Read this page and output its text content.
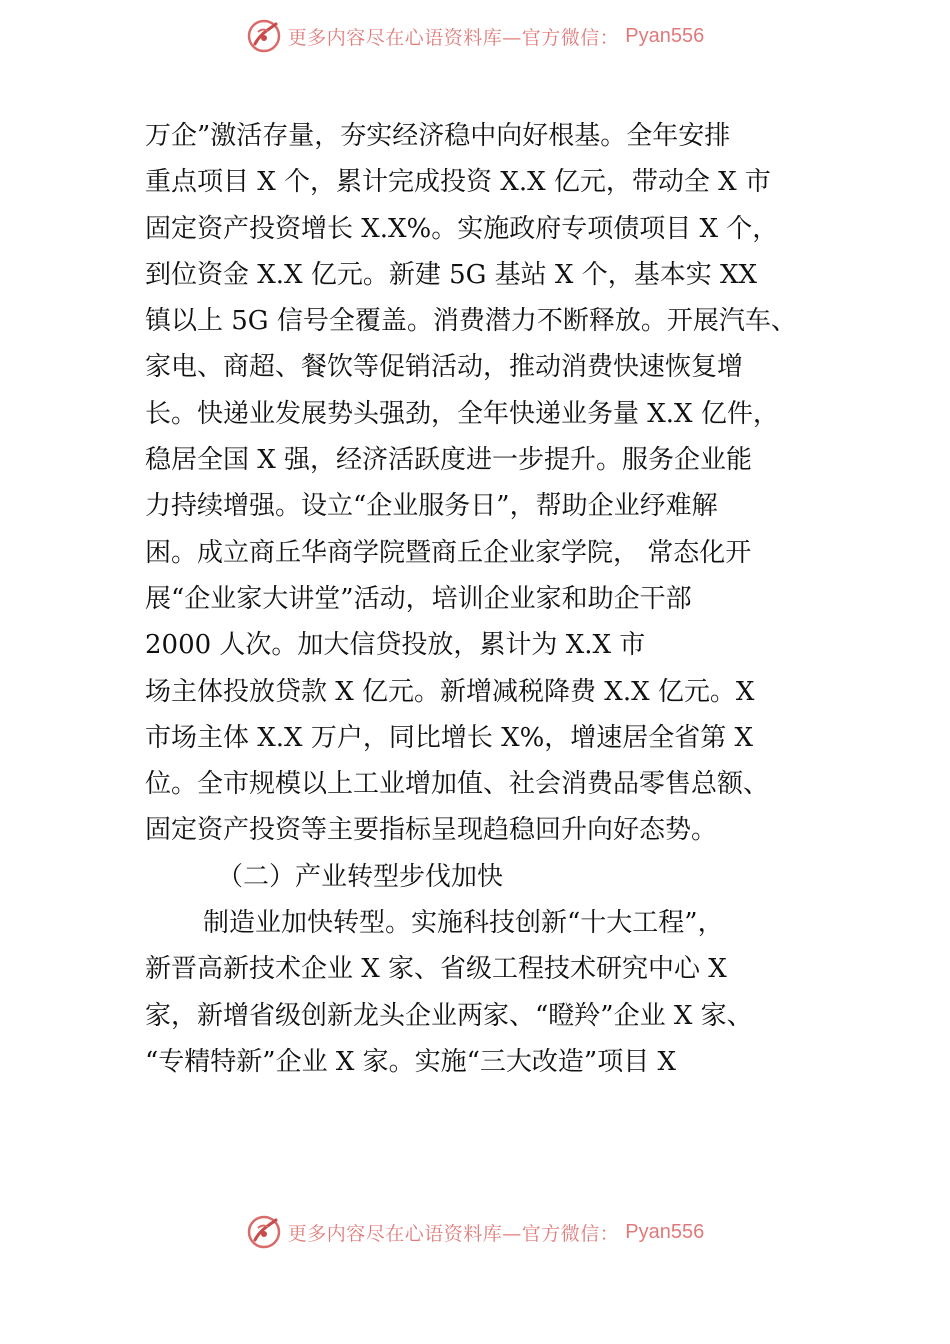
更多内容尽在心语资料库—官方微信： Pyan556
万企”激活存量，夯实经济稳中向好根基。全年安排
重点项目 X 个，累计完成投资 X.X 亿元，带动全 X 市
固定资产投资增长 X.X%。实施政府专项债项目 X 个，
到位资金 X.X 亿元。新建 5G 基站 X 个，基本实 XX
镇以上 5G 信号全覆盖。消费潜力不断释放。开展汽车、
家电、商超、餐饮等促销活动，推动消费快速恢复增
长。快递业发展势头强劲，全年快递业务量 X.X 亿件，
稳居全国 X 强，经济活跃度进一步提升。服务企业能
力持续增强。设立“企业服务日”，帮助企业纾难解
困。成立商丘华商学院暨商丘企业家学院， 常态化开
展“企业家大讲堂”活动，培训企业家和助企干部
2000 人次。加大信贷投放，累计为 X.X 市
场主体投放贷款 X 亿元。新增减税降费 X.X 亿元。X
市场主体 X.X 万户，同比增长 X%，增速居全省第 X
位。全市规模以上工业增加值、社会消费品零售总额、
固定资产投资等主要指标呈现趋稳回升向好态势。
（二）产业转型步伐加快
制造业加快转型。实施科技创新“十大工程”，
新晋高新技术企业 X 家、省级工程技术研究中心 X
家，新增省级创新龙头企业两家、“瞪羚”企业 X 家、
“专精特新”企业 X 家。实施“三大改造”项目 X
更多内容尽在心语资料库—官方微信： Pyan556
